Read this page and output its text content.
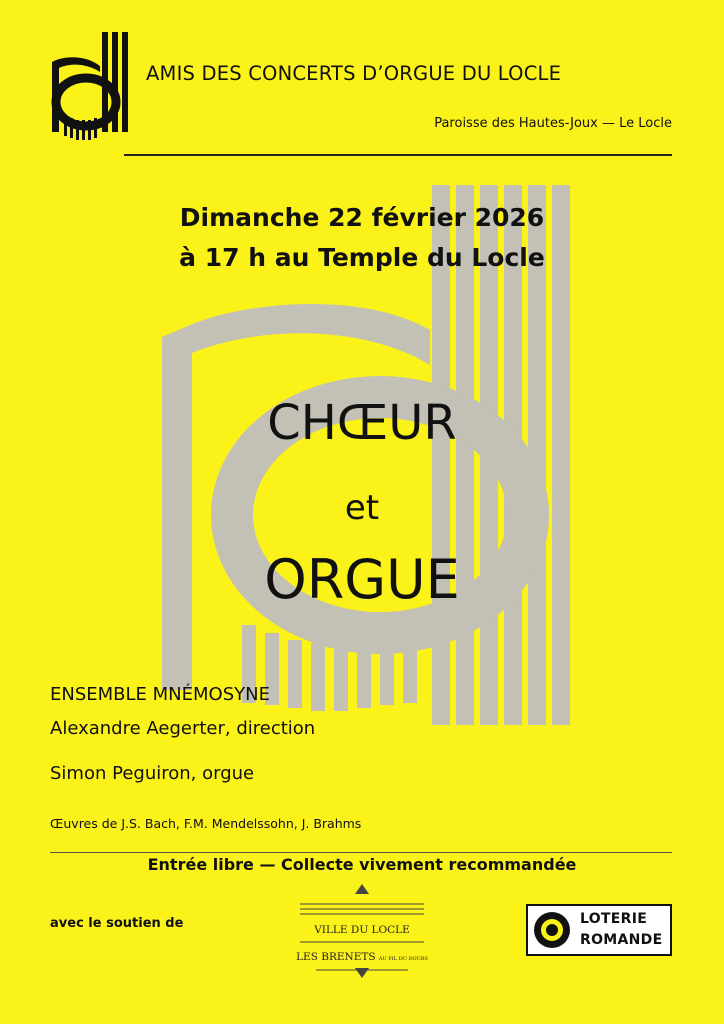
AMIS DES CONCERTS D’ORGUE DU LOCLE
Paroisse des Hautes-Joux — Le Locle
Dimanche 22 février 2026
à 17 h au Temple du Locle
CHŒUR
et
ORGUE
ENSEMBLE MNÉMOSYNE
Alexandre Aegerter, direction
Simon Peguiron, orgue
Œuvres de J.S. Bach, F.M. Mendelssohn, J. Brahms
Entrée libre — Collecte vivement recommandée
avec le soutien de	VILLE DU LOCLE
LES BRENETS AU FIL DU DOUBS
LOTERIE
ROMANDE
